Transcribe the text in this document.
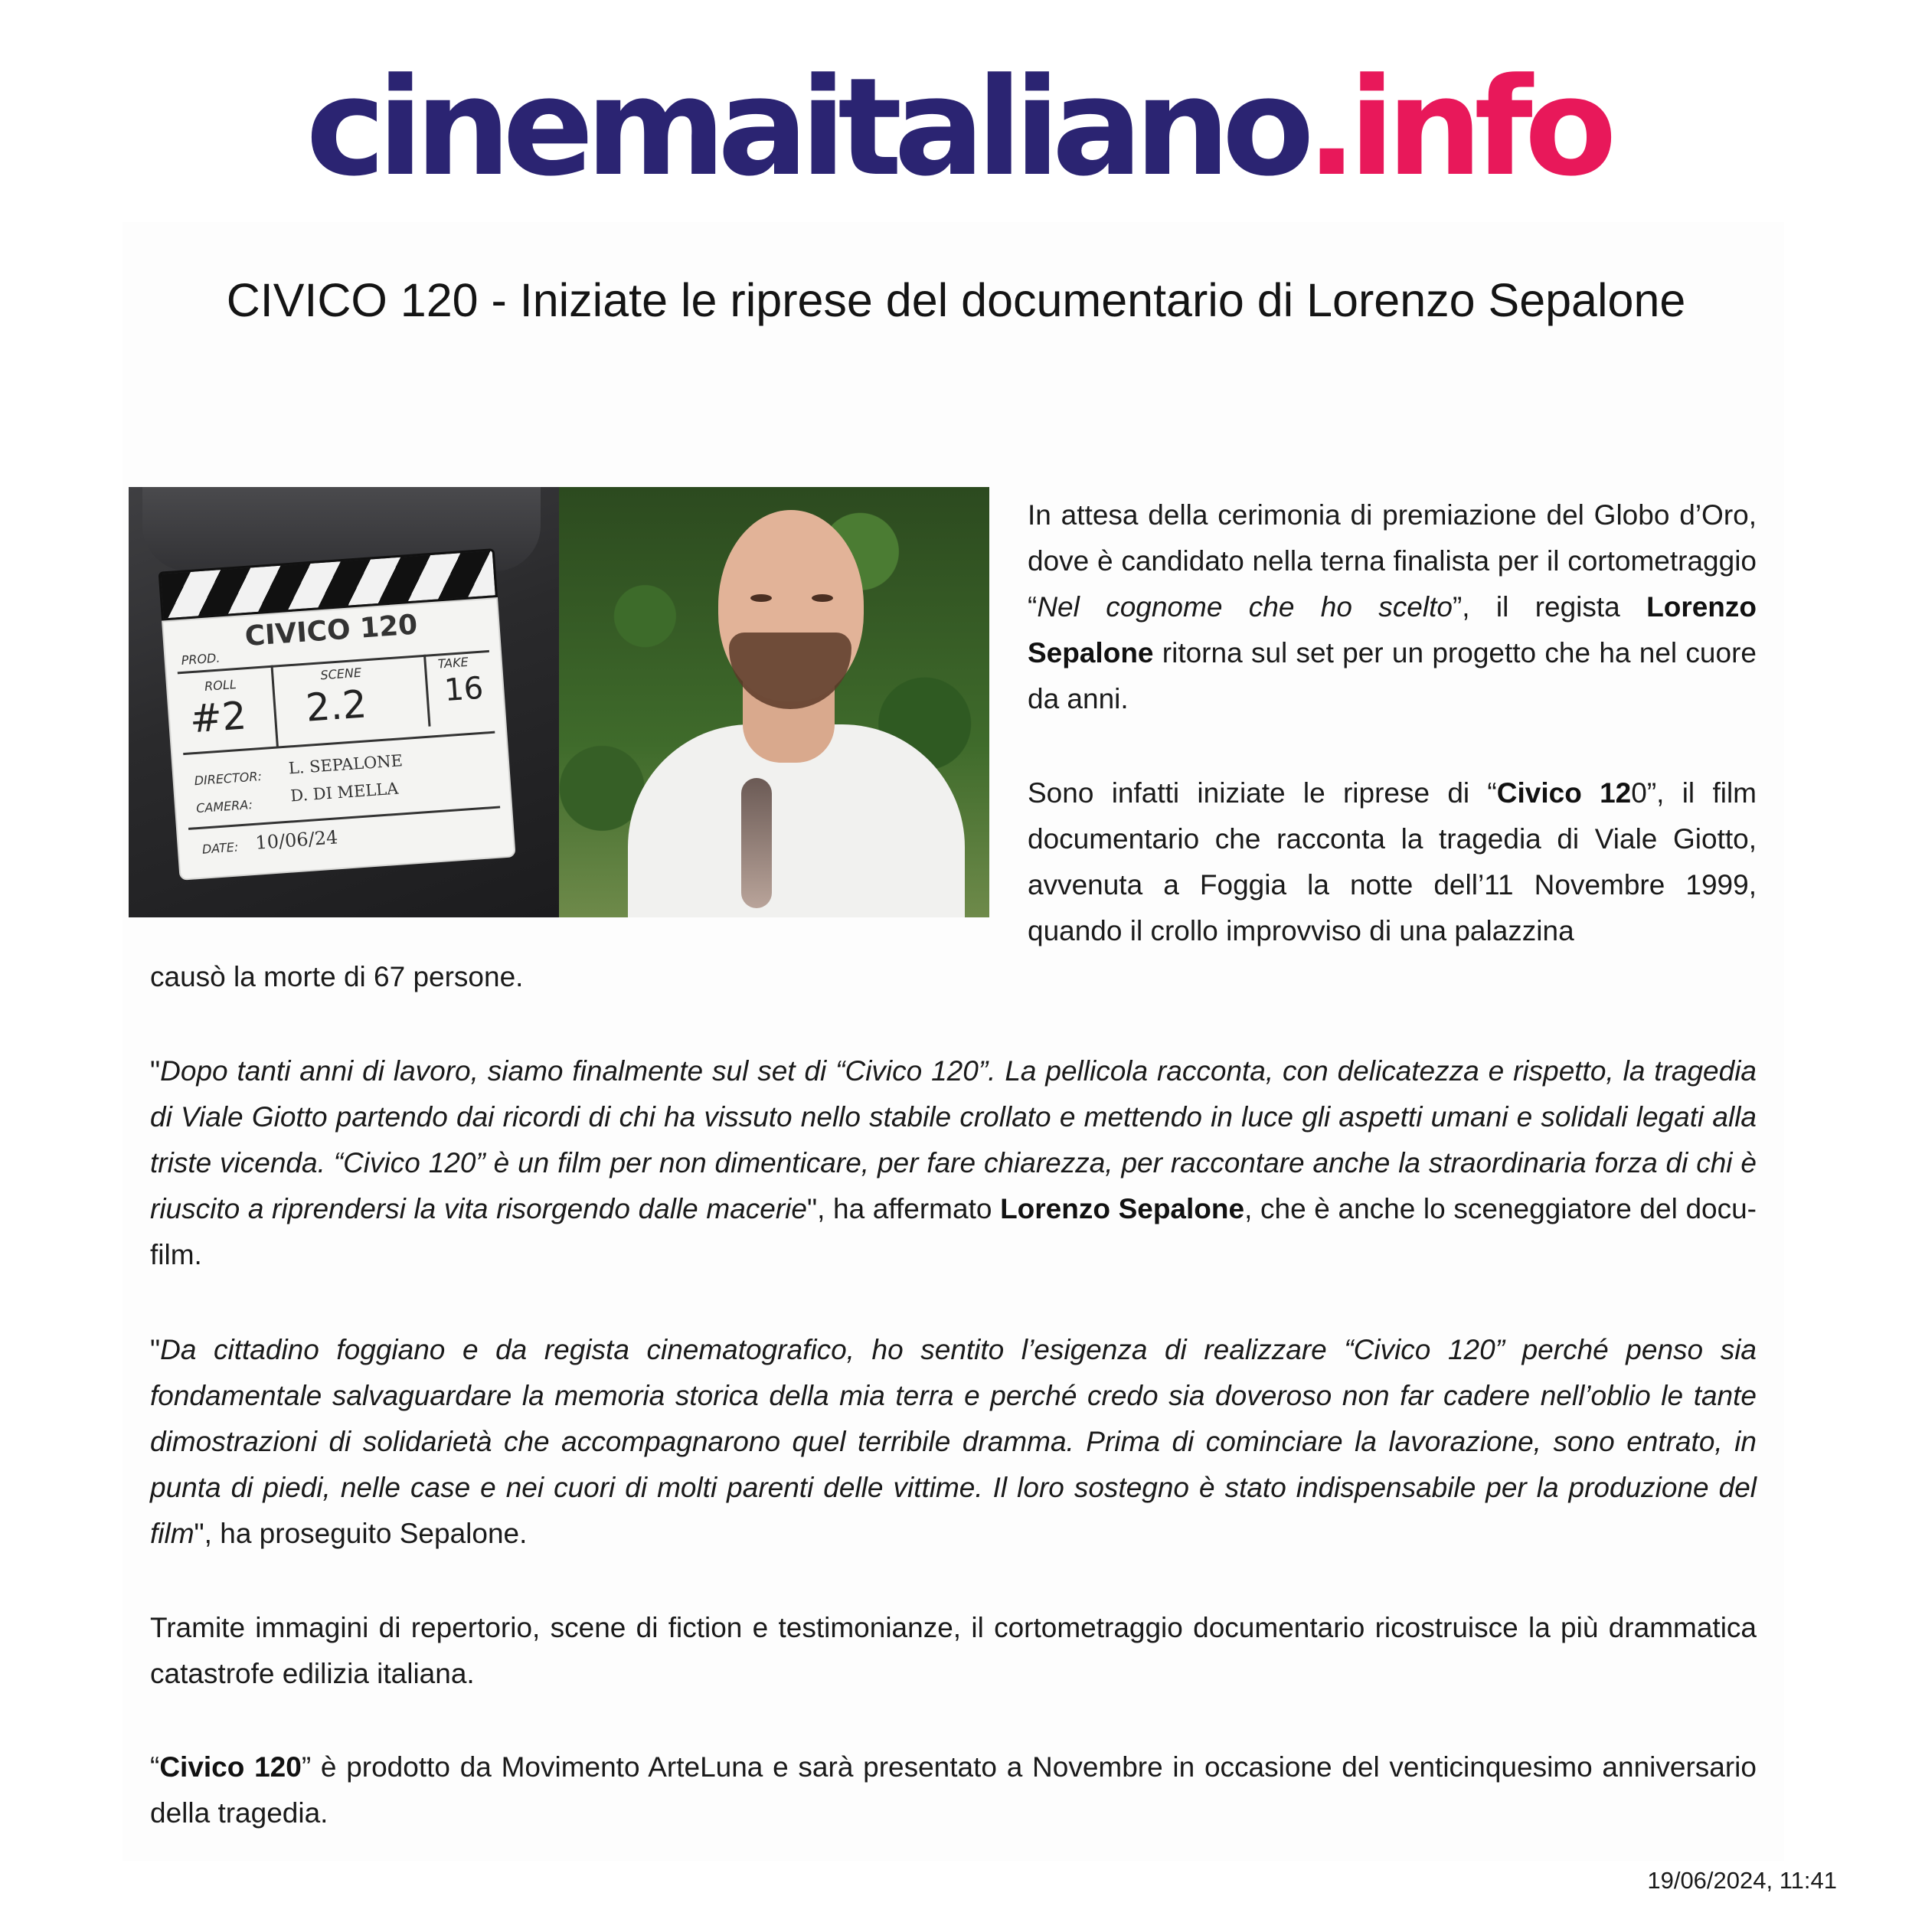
cinemaitaliano .info
CIVICO 120 - Iniziate le riprese del documentario di Lorenzo Sepalone
CIVICO 120
PROD.
ROLL
SCENE
TAKE
#2 2.2 16
DIRECTOR:
L. SEPALONE
CAMERA:
D. DI MELLA
DATE: 10/06/24

In attesa della cerimonia di premiazione del Globo d’Oro, dove è candidato nella terna finalista per il cortometraggio “Nel cognome che ho scelto”, il regista Lorenzo Sepalone ritorna sul set per un progetto che ha nel cuore da anni.

Sono infatti iniziate le riprese di “Civico 120”, il film documentario che racconta la tragedia di Viale Giotto, avvenuta a Foggia la notte dell’11 Novembre 1999, quando il crollo improvviso di una palazzina

causò la morte di 67 persone.

"Dopo tanti anni di lavoro, siamo finalmente sul set di “Civico 120”. La pellicola racconta, con delicatezza e rispetto, la tragedia di Viale Giotto partendo dai ricordi di chi ha vissuto nello stabile crollato e mettendo in luce gli aspetti umani e solidali legati alla triste vicenda. “Civico 120” è un film per non dimenticare, per fare chiarezza, per raccontare anche la straordinaria forza di chi è riuscito a riprendersi la vita risorgendo dalle macerie", ha affermato Lorenzo Sepalone, che è anche lo sceneggiatore del docu-film.

"Da cittadino foggiano e da regista cinematografico, ho sentito l’esigenza di realizzare “Civico 120” perché penso sia fondamentale salvaguardare la memoria storica della mia terra e perché credo sia doveroso non far cadere nell’oblio le tante dimostrazioni di solidarietà che accompagnarono quel terribile dramma. Prima di cominciare la lavorazione, sono entrato, in punta di piedi, nelle case e nei cuori di molti parenti delle vittime. Il loro sostegno è stato indispensabile per la produzione del film", ha proseguito Sepalone.

Tramite immagini di repertorio, scene di fiction e testimonianze, il cortometraggio documentario ricostruisce la più drammatica catastrofe edilizia italiana.

“Civico 120” è prodotto da Movimento ArteLuna e sarà presentato a Novembre in occasione del venticinquesimo anniversario della tragedia.

19/06/2024, 11:41
